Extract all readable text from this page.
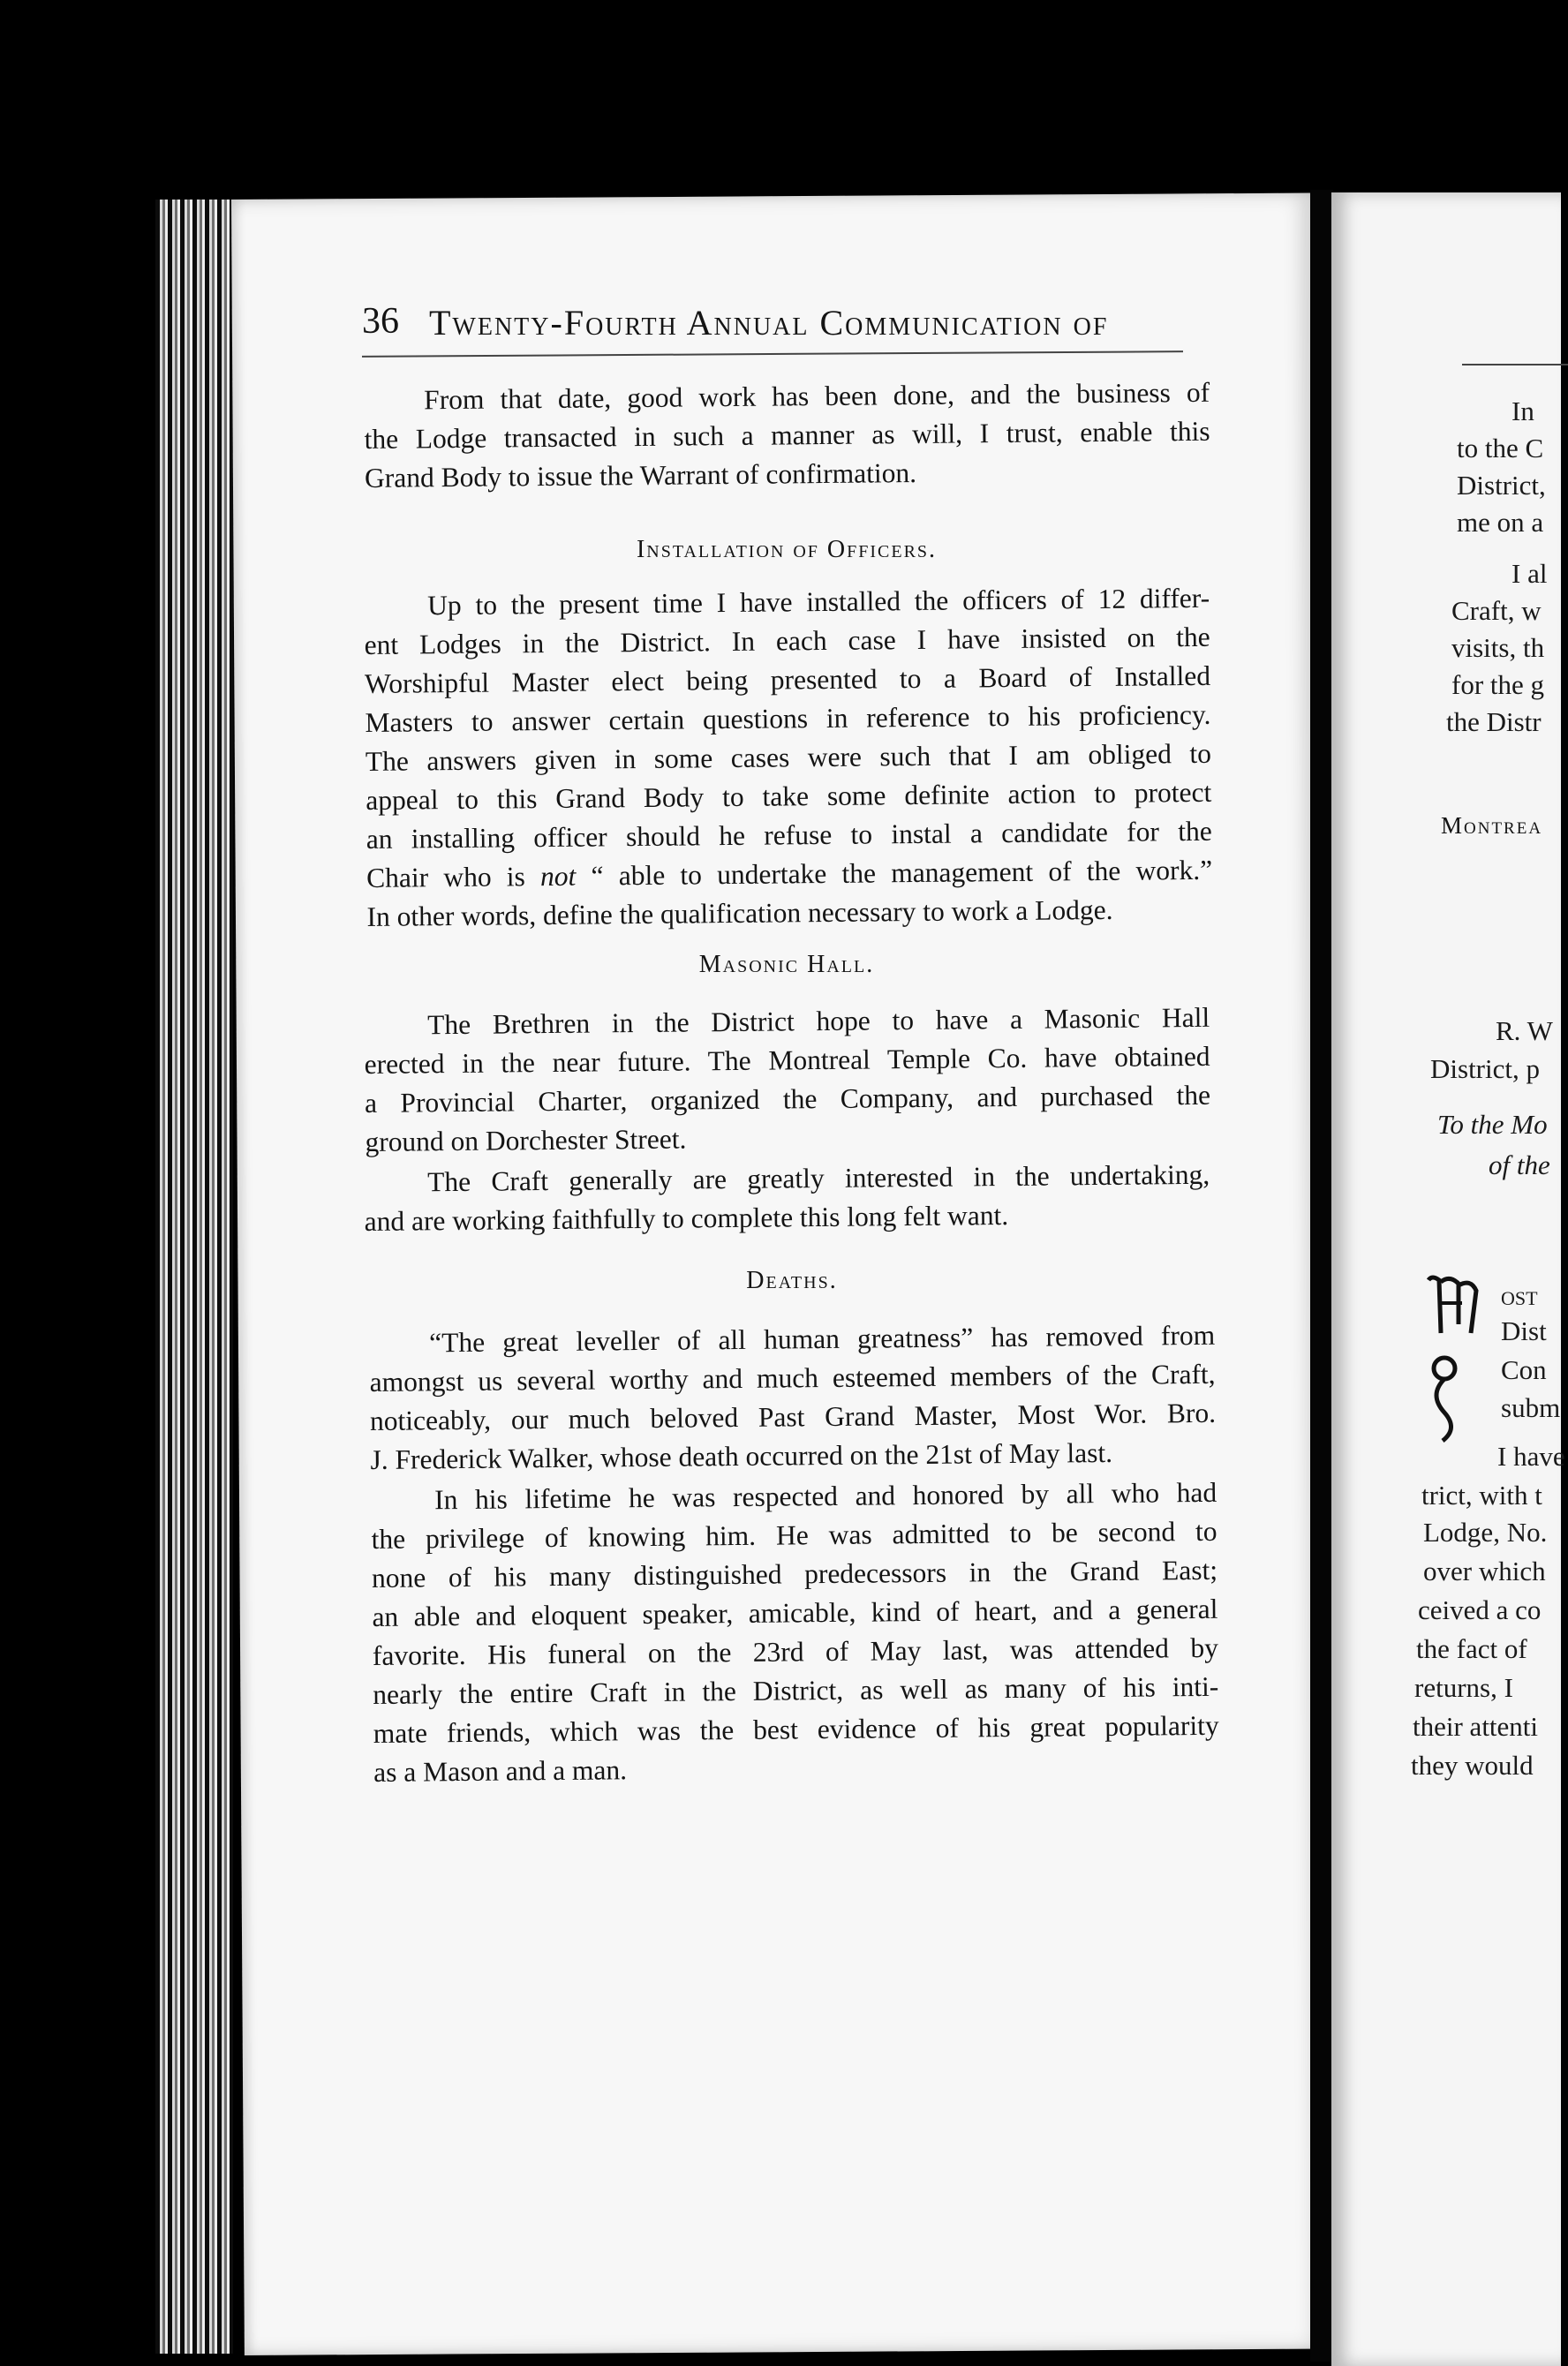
36 Twenty-Fourth Annual Communication of
From that date, good work has been done, and the business of
the Lodge transacted in such a manner as will, I trust, enable this
Grand Body to issue the Warrant of confirmation.
Installation of Officers.
Up to the present time I have installed the officers of 12 differ-
ent Lodges in the District. In each case I have insisted on the
Worshipful Master elect being presented to a Board of Installed
Masters to answer certain questions in reference to his proficiency.
The answers given in some cases were such that I am obliged to
appeal to this Grand Body to take some definite action to protect
an installing officer should he refuse to instal a candidate for the
Chair who is not “ able to undertake the management of the work.”
In other words, define the qualification necessary to work a Lodge.
Masonic Hall.
The Brethren in the District hope to have a Masonic Hall
erected in the near future. The Montreal Temple Co. have obtained
a Provincial Charter, organized the Company, and purchased the
ground on Dorchester Street.
The Craft generally are greatly interested in the undertaking,
and are working faithfully to complete this long felt want.
Deaths.
“The great leveller of all human greatness” has removed from
amongst us several worthy and much esteemed members of the Craft,
noticeably, our much beloved Past Grand Master, Most Wor. Bro.
J. Frederick Walker, whose death occurred on the 21st of May last.
In his lifetime he was respected and honored by all who had
the privilege of knowing him. He was admitted to be second to
none of his many distinguished predecessors in the Grand East;
an able and eloquent speaker, amicable, kind of heart, and a general
favorite. His funeral on the 23rd of May last, was attended by
nearly the entire Craft in the District, as well as many of his inti-
mate friends, which was the best evidence of his great popularity
as a Mason and a man.
In
to the C
District,
me on a
I al
Craft, w
visits, th
for the g
the Distr
Montrea
R. W
District, p
To the Mo
of the
ost
Dist
Con
subm
I have
trict, with t
Lodge, No.
over which
ceived a co
the fact of
returns, I
their attenti
they would
